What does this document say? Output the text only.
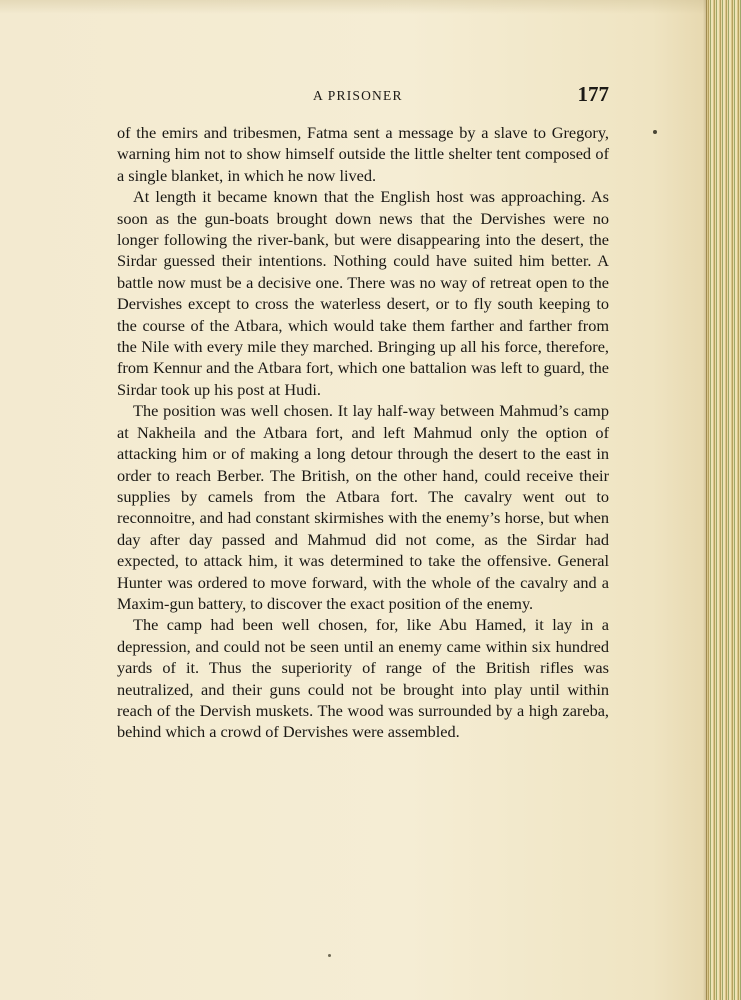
A PRISONER	177

of the emirs and tribesmen, Fatma sent a message by a slave to Gregory, warning him not to show himself outside the little shelter tent composed of a single blanket, in which he now lived.

At length it became known that the English host was approaching. As soon as the gun-boats brought down news that the Dervishes were no longer following the river-bank, but were disappearing into the desert, the Sirdar guessed their intentions. Nothing could have suited him better. A battle now must be a decisive one. There was no way of retreat open to the Dervishes except to cross the waterless desert, or to fly south keeping to the course of the Atbara, which would take them farther and farther from the Nile with every mile they marched. Bringing up all his force, therefore, from Kennur and the Atbara fort, which one battalion was left to guard, the Sirdar took up his post at Hudi.

The position was well chosen. It lay half-way between Mahmud’s camp at Nakheila and the Atbara fort, and left Mahmud only the option of attacking him or of making a long detour through the desert to the east in order to reach Berber. The British, on the other hand, could receive their supplies by camels from the Atbara fort. The cavalry went out to reconnoitre, and had constant skirmishes with the enemy’s horse, but when day after day passed and Mahmud did not come, as the Sirdar had expected, to attack him, it was determined to take the offensive. General Hunter was ordered to move forward, with the whole of the cavalry and a Maxim-gun battery, to discover the exact position of the enemy.

The camp had been well chosen, for, like Abu Hamed, it lay in a depression, and could not be seen until an enemy came within six hundred yards of it. Thus the superiority of range of the British rifles was neutralized, and their guns could not be brought into play until within reach of the Dervish muskets. The wood was surrounded by a high zareba, behind which a crowd of Dervishes were assembled.
